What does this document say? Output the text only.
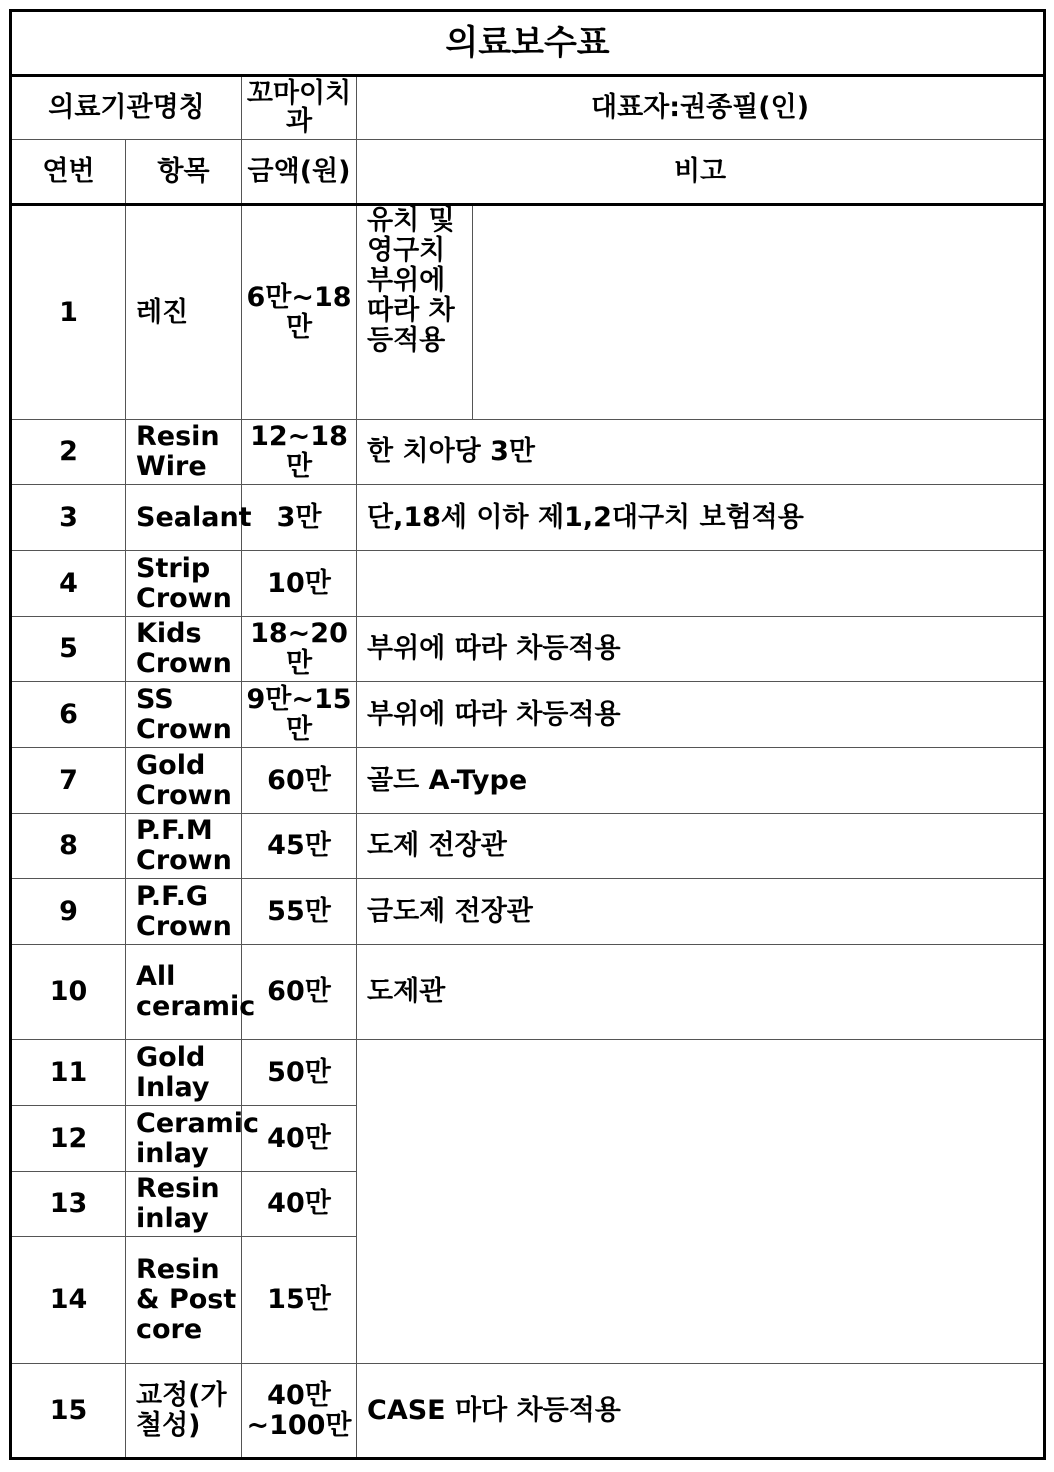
의료보수표				
의료기관명칭		꼬마이치과	대표자:권종필(인)	
연번	항목	금액(원)	비고	
1	레진	6만~18만	유치 및 영구치 부위에 따라 차등적용	
2	Resin Wire	12~18만	한 치아당 3만	
3	Sealant	3만	단,18세 이하 제1,2대구치 보험적용	
4	Strip Crown	10만		
5	Kids Crown	18~20만	부위에 따라 차등적용	
6	SS Crown	9만~15만	부위에 따라 차등적용	
7	Gold Crown	60만	골드 A-Type	
8	P.F.M Crown	45만	도제 전장관	
9	P.F.G Crown	55만	금도제 전장관	
10	All ceramic	60만	도제관	
11	Gold Inlay	50만		
12	Ceramic inlay	40만		
13	Resin inlay	40만		
14	Resin & Post core	15만		
15	교정(가철성)	40만~100만	CASE 마다 차등적용	
